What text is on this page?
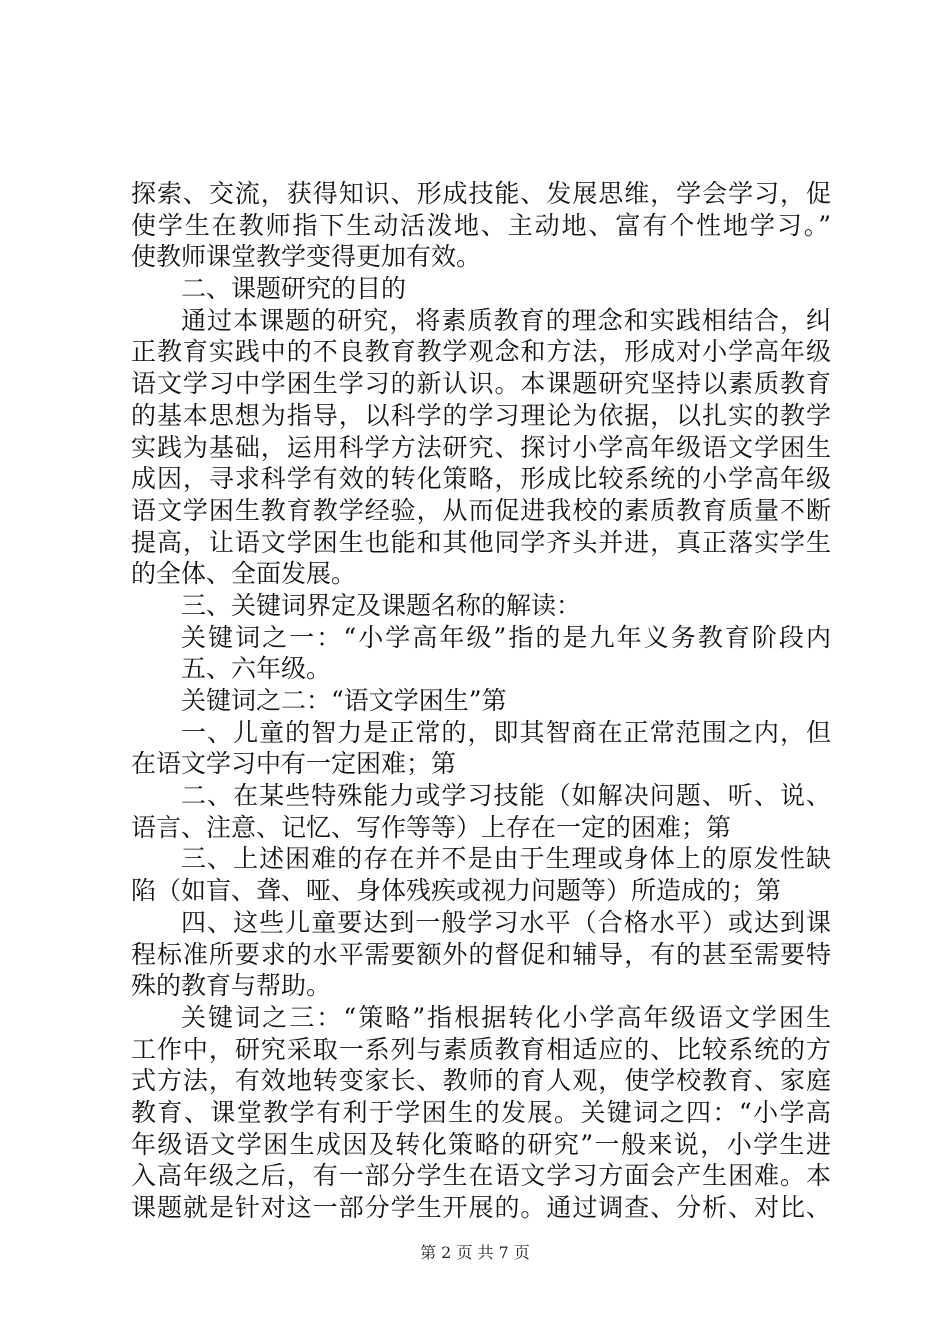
探索、交流，获得知识、形成技能、发展思维，学会学习，促
使学生在教师指下生动活泼地、主动地、富有个性地学习。”
使教师课堂教学变得更加有效。
二、课题研究的目的
通过本课题的研究，将素质教育的理念和实践相结合，纠
正教育实践中的不良教育教学观念和方法，形成对小学高年级
语文学习中学困生学习的新认识。本课题研究坚持以素质教育
的基本思想为指导，以科学的学习理论为依据，以扎实的教学
实践为基础，运用科学方法研究、探讨小学高年级语文学困生
成因，寻求科学有效的转化策略，形成比较系统的小学高年级
语文学困生教育教学经验，从而促进我校的素质教育质量不断
提高，让语文学困生也能和其他同学齐头并进，真正落实学生
的全体、全面发展。
三、关键词界定及课题名称的解读：
关键词之一：“小学高年级”指的是九年义务教育阶段内
五、六年级。
关键词之二：“语文学困生”第
一、儿童的智力是正常的，即其智商在正常范围之内，但
在语文学习中有一定困难；第
二、在某些特殊能力或学习技能（如解决问题、听、说、
语言、注意、记忆、写作等等）上存在一定的困难；第
三、上述困难的存在并不是由于生理或身体上的原发性缺
陷（如盲、聋、哑、身体残疾或视力问题等）所造成的；第
四、这些儿童要达到一般学习水平（合格水平）或达到课
程标准所要求的水平需要额外的督促和辅导，有的甚至需要特
殊的教育与帮助。
关键词之三：“策略”指根据转化小学高年级语文学困生
工作中，研究采取一系列与素质教育相适应的、比较系统的方
式方法，有效地转变家长、教师的育人观，使学校教育、家庭
教育、课堂教学有利于学困生的发展。关键词之四：“小学高
年级语文学困生成因及转化策略的研究”一般来说，小学生进
入高年级之后，有一部分学生在语文学习方面会产生困难。本
课题就是针对这一部分学生开展的。通过调查、分析、对比、
第 2 页 共 7 页
